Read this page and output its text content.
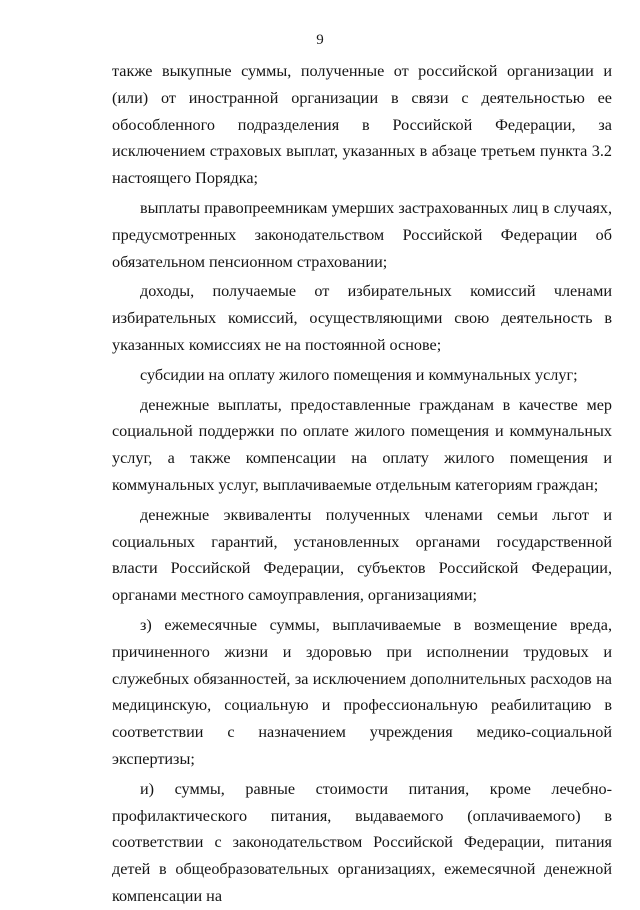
9

также выкупные суммы, полученные от российской организации и (или) от иностранной организации в связи с деятельностью ее обособленного подразделения в Российской Федерации, за исключением страховых выплат, указанных в абзаце третьем пункта 3.2 настоящего Порядка;

выплаты правопреемникам умерших застрахованных лиц в случаях, предусмотренных законодательством Российской Федерации об обязательном пенсионном страховании;

доходы, получаемые от избирательных комиссий членами избирательных комиссий, осуществляющими свою деятельность в указанных комиссиях не на постоянной основе;

субсидии на оплату жилого помещения и коммунальных услуг;

денежные выплаты, предоставленные гражданам в качестве мер социальной поддержки по оплате жилого помещения и коммунальных услуг, а также компенсации на оплату жилого помещения и коммунальных услуг, выплачиваемые отдельным категориям граждан;

денежные эквиваленты полученных членами семьи льгот и социальных гарантий, установленных органами государственной власти Российской Федерации, субъектов Российской Федерации, органами местного самоуправления, организациями;

з) ежемесячные суммы, выплачиваемые в возмещение вреда, причиненного жизни и здоровью при исполнении трудовых и служебных обязанностей, за исключением дополнительных расходов на медицинскую, социальную и профессиональную реабилитацию в соответствии с назначением учреждения медико-социальной экспертизы;

и) суммы, равные стоимости питания, кроме лечебно-профилактического питания, выдаваемого (оплачиваемого) в соответствии с законодательством Российской Федерации, питания детей в общеобразовательных организациях, ежемесячной денежной компенсации на
